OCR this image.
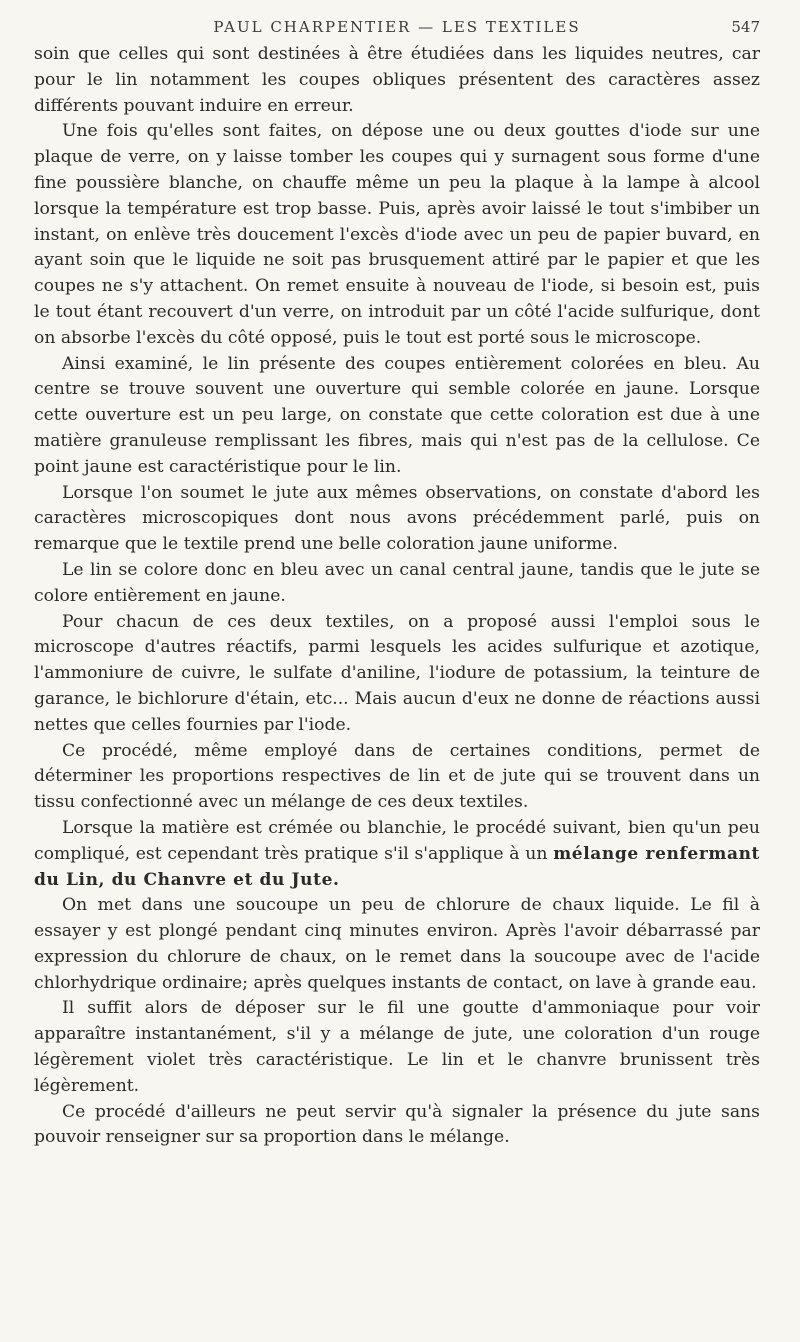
PAUL CHARPENTIER — LES TEXTILES	547

soin que celles qui sont destinées à être étudiées dans les liquides neutres, car pour le lin notamment les coupes obliques présentent des caractères assez différents pouvant induire en erreur.

Une fois qu'elles sont faites, on dépose une ou deux gouttes d'iode sur une plaque de verre, on y laisse tomber les coupes qui y surnagent sous forme d'une fine poussière blanche, on chauffe même un peu la plaque à la lampe à alcool lorsque la température est trop basse. Puis, après avoir laissé le tout s'imbiber un instant, on enlève très doucement l'excès d'iode avec un peu de papier buvard, en ayant soin que le liquide ne soit pas brusquement attiré par le papier et que les coupes ne s'y attachent. On remet ensuite à nouveau de l'iode, si besoin est, puis le tout étant recouvert d'un verre, on introduit par un côté l'acide sulfurique, dont on absorbe l'excès du côté opposé, puis le tout est porté sous le microscope.

Ainsi examiné, le lin présente des coupes entièrement colorées en bleu. Au centre se trouve souvent une ouverture qui semble colorée en jaune. Lorsque cette ouverture est un peu large, on constate que cette coloration est due à une matière granuleuse remplissant les fibres, mais qui n'est pas de la cellulose. Ce point jaune est caractéristique pour le lin.

Lorsque l'on soumet le jute aux mêmes observations, on constate d'abord les caractères microscopiques dont nous avons précédemment parlé, puis on remarque que le textile prend une belle coloration jaune uniforme.

Le lin se colore donc en bleu avec un canal central jaune, tandis que le jute se colore entièrement en jaune.

Pour chacun de ces deux textiles, on a proposé aussi l'emploi sous le microscope d'autres réactifs, parmi lesquels les acides sulfurique et azotique, l'ammoniure de cuivre, le sulfate d'aniline, l'iodure de potassium, la teinture de garance, le bichlorure d'étain, etc... Mais aucun d'eux ne donne de réactions aussi nettes que celles fournies par l'iode.

Ce procédé, même employé dans de certaines conditions, permet de déterminer les proportions respectives de lin et de jute qui se trouvent dans un tissu confectionné avec un mélange de ces deux textiles.

Lorsque la matière est crémée ou blanchie, le procédé suivant, bien qu'un peu compliqué, est cependant très pratique s'il s'applique à un mélange renfermant du Lin, du Chanvre et du Jute.

On met dans une soucoupe un peu de chlorure de chaux liquide. Le fil à essayer y est plongé pendant cinq minutes environ. Après l'avoir débarrassé par expression du chlorure de chaux, on le remet dans la soucoupe avec de l'acide chlorhydrique ordinaire; après quelques instants de contact, on lave à grande eau.

Il suffit alors de déposer sur le fil une goutte d'ammoniaque pour voir apparaître instantanément, s'il y a mélange de jute, une coloration d'un rouge légèrement violet très caractéristique. Le lin et le chanvre brunissent très légèrement.

Ce procédé d'ailleurs ne peut servir qu'à signaler la présence du jute sans pouvoir renseigner sur sa proportion dans le mélange.
